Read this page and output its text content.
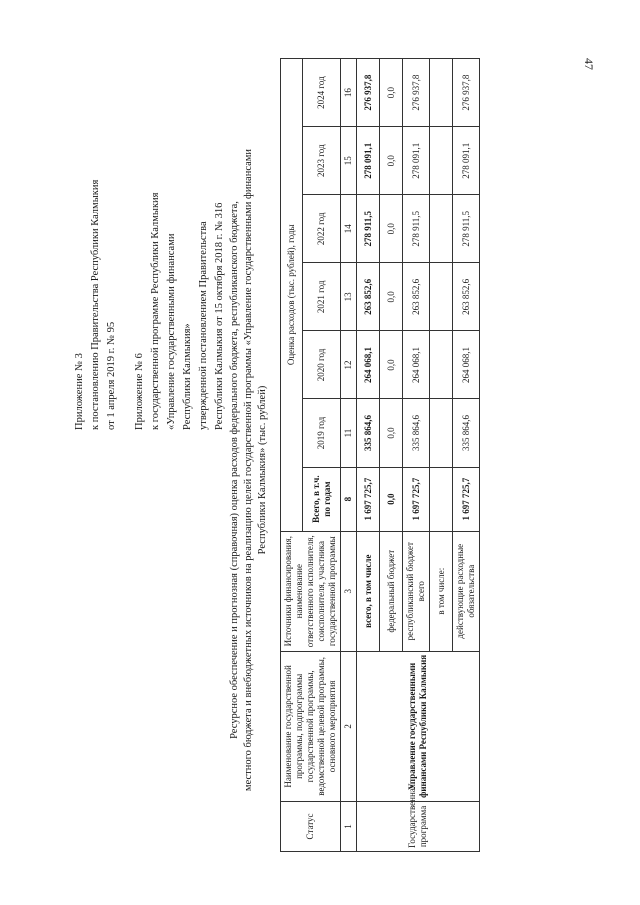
47

Приложение № 3 к постановлению Правительства Республики Калмыкия от 1 апреля 2019 г. № 95 Приложение № 6 к государственной программе Республики Калмыкия «Управление государственными финансами Республики Калмыкия» утвержденной постановлением Правительства Республики Калмыкия от 15 октября 2018 г. № 316 Ресурсное обеспечение и прогнозная (справочная) оценка расходов федерального бюджета, республиканского бюджета, местного бюджета и внебюджетных источников на реализацию целей государственной программы «Управление государственными финансами Республики Калмыкия» (тыс. рублей)

Статус	Наименование государственной программы, подпрограммы государственной программы, ведомственной целевой программы, основного мероприятия	Источники финансирования, наименование ответственного исполнителя, соисполнителя, участника государственной программы	Оценка расходов (тыс. рублей), годы						
			Всего, в т.ч. по годам	2019 год	2020 год	2021 год	2022 год	2023 год	2024 год
1	2	3	8	11	12	13	14	15	16
Государственная программа	Управление государственными финансами Республики Калмыкия	всего, в том числе	1 697 725,7	335 864,6	264 068,1	263 852,6	278 911,5	278 091,1	276 937,8
		федеральный бюджет	0,0	0,0	0,0	0,0	0,0	0,0	0,0
		республиканский бюджет всего	1 697 725,7	335 864,6	264 068,1	263 852,6	278 911,5	278 091,1	276 937,8
		в том числе:							
		действующие расходные обязательства	1 697 725,7	335 864,6	264 068,1	263 852,6	278 911,5	278 091,1	276 937,8
